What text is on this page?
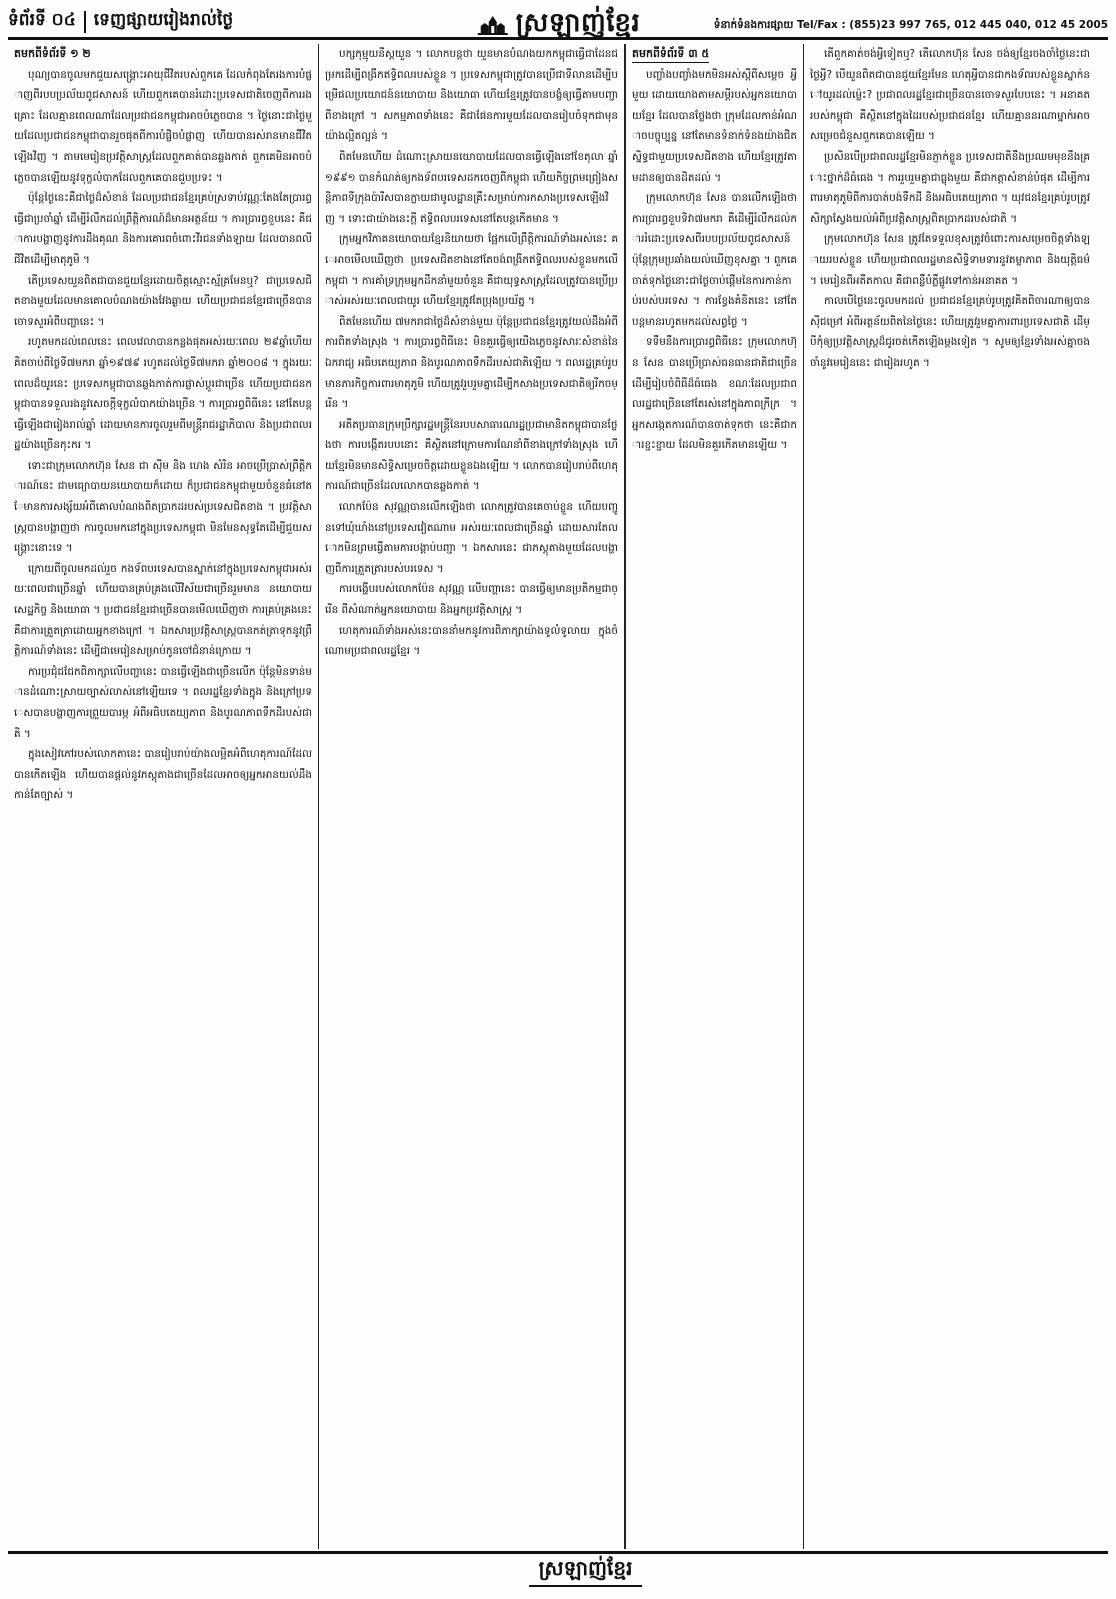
ទំព័រទី ០៤ ទេញផ្សាយរៀងរាល់ថ្ងៃ	ស្រឡាញ់ខ្មែរ	ទំនាក់ទំនងការផ្សាយ Tel/Fax : (855)23 997 765, 012 445 040, 012 45 2005
តមកពីទំព័រទី ១ ២

បុណ្យបានចូលមកជួយសង្គ្រោះអាយុជីវិតរបស់ពួកគេ ដែលកំពុងតែរងការបំផ្លាញពីរបបប្រល័យពូជសាសន៍ ហើយពួកគេបានរំដោះប្រទេសជាតិចេញពីការរងគ្រោះ ដែលគ្មានពេលណាដែលប្រជាជនកម្ពុជាអាចបំភ្លេចបាន ។ ថ្ងៃនោះជាថ្ងៃមួយដែលប្រជាជនកម្ពុជាបានរួចផុតពីការបំផ្លិចបំផ្លាញ ហើយបានរស់រានមានជីវិតឡើងវិញ ។ តាមមេរៀនប្រវត្តិសាស្ត្រដែលពួកគាត់បានឆ្លងកាត់ ពួកគេមិនអាចបំភ្លេចបានឡើយនូវទុក្ខលំបាកដែលពួកគេបានជួបប្រទះ ។

ប៉ុន្តែថ្ងៃនេះគឺជាថ្ងៃដ៏សំខាន់ ដែលប្រជាជនខ្មែរគ្រប់ស្រទាប់វណ្ណៈតែងតែប្រារព្ធធ្វើជាប្រចាំឆ្នាំ ដើម្បីរំលឹកដល់ព្រឹត្តិការណ៍ដ៏មានអត្ថន័យ ។ ការប្រារព្ធខួបនេះ គឺជាការបង្ហាញនូវការដឹងគុណ និងការគោរពចំពោះវីរជនទាំងឡាយ ដែលបានពលីជីវិតដើម្បីមាតុភូមិ ។

តើប្រទេសយួនពិតជាបានជួយខ្មែរដោយចិត្តស្មោះស្ម័គ្រមែនឬ? ជាប្រទេសជិតខាងមួយដែលមានគោលបំណងយ៉ាងវែងឆ្ងាយ ហើយប្រជាជនខ្មែរជាច្រើនបានចោទសួរអំពីបញ្ហានេះ ។

រហូតមកដល់ពេលនេះ ពេលវេលាបានកន្លងផុតអស់រយៈពេល ២៩ឆ្នាំហើយ គិតចាប់ពីថ្ងៃទី៧មករា ឆ្នាំ១៩៧៩ រហូតដល់ថ្ងៃទី៧មករា ឆ្នាំ២០០៨ ។ ក្នុងរយៈពេលដ៏យូរនេះ ប្រទេសកម្ពុជាបានឆ្លងកាត់ការផ្លាស់ប្តូរជាច្រើន ហើយប្រជាជនកម្ពុជាបានទទួលរងនូវសេចក្តីទុក្ខលំបាកយ៉ាងច្រើន ។ ការប្រារព្ធពិធីនេះ នៅតែបន្តធ្វើឡើងជារៀងរាល់ឆ្នាំ ដោយមានការចូលរួមពីមន្ត្រីរាជរដ្ឋាភិបាល និងប្រជាពលរដ្ឋយ៉ាងច្រើនកុះករ ។

ទោះជាក្រុមលោកហ៊ុន សែន ជា ស៊ីម និង ហេង សំរិន អាចប្រើប្រាស់ព្រឹត្តិការណ៍នេះ ជាមធ្យោបាយនយោបាយក៏ដោយ ក៏ប្រជាជនកម្ពុជាមួយចំនួនធំនៅតែមានការសង្ស័យអំពីគោលបំណងពិតប្រាកដរបស់ប្រទេសជិតខាង ។ ប្រវត្តិសាស្ត្របានបង្ហាញថា ការចូលមកនៅក្នុងប្រទេសកម្ពុជា មិនមែនសុទ្ធតែដើម្បីជួយសង្គ្រោះនោះទេ ។

ក្រោយពីចូលមកដល់រួច កងទ័ពបរទេសបានស្នាក់នៅក្នុងប្រទេសកម្ពុជាអស់រយៈពេលជាច្រើនឆ្នាំ ហើយបានគ្រប់គ្រងលើវិស័យជាច្រើនរួមមាន នយោបាយ សេដ្ឋកិច្ច និងយោធា ។ ប្រជាជនខ្មែរជាច្រើនបានមើលឃើញថា ការគ្រប់គ្រងនេះ គឺជាការត្រួតត្រាដោយអ្នកខាងក្រៅ ។ ឯកសារប្រវត្តិសាស្ត្របានកត់ត្រាទុកនូវព្រឹត្តិការណ៍ទាំងនេះ ដើម្បីជាមេរៀនសម្រាប់កូនចៅជំនាន់ក្រោយ ។

ការប្រជុំជជែកពិភាក្សាលើបញ្ហានេះ បានធ្វើឡើងជាច្រើនលើក ប៉ុន្តែមិនទាន់មានដំណោះស្រាយច្បាស់លាស់នៅឡើយទេ ។ ពលរដ្ឋខ្មែរទាំងក្នុង និងក្រៅប្រទេសបានបង្ហាញការព្រួយបារម្ភ អំពីអធិបតេយ្យភាព និងបូរណភាពទឹកដីរបស់ជាតិ ។

ក្នុងសៀវភៅរបស់លោកតានេះ បានរៀបរាប់យ៉ាងលម្អិតអំពីហេតុការណ៍ដែលបានកើតឡើង ហើយបានផ្តល់នូវភស្តុតាងជាច្រើនដែលអាចឲ្យអ្នកអានយល់ដឹងកាន់តែច្បាស់ ។

បក្សកុម្មុយនីស្តយួន ។ លោកបន្តថា យួនមានបំណងយកកម្ពុជាធ្វើជាដែនជម្រកដើម្បីពង្រីកឥទ្ធិពលរបស់ខ្លួន ។ ប្រទេសកម្ពុជាត្រូវបានប្រើជាទីលានដើម្បីបម្រើផលប្រយោជន៍នយោបាយ និងយោធា ហើយខ្មែរត្រូវបានបង្ខំឲ្យធ្វើតាមបញ្ជាពីខាងក្រៅ ។ សកម្មភាពទាំងនេះ គឺជាផែនការមួយដែលបានរៀបចំទុកជាមុនយ៉ាងល្អិតល្អន់ ។

ពិតមែនហើយ ដំណោះស្រាយនយោបាយដែលបានធ្វើឡើងនៅខែតុលា ឆ្នាំ១៩៩១ បានកំណត់ឲ្យកងទ័ពបរទេសដកចេញពីកម្ពុជា ហើយកិច្ចព្រមព្រៀងសន្តិភាពទីក្រុងប៉ារីសបានក្លាយជាមូលដ្ឋានគ្រឹះសម្រាប់ការកសាងប្រទេសឡើងវិញ ។ ទោះជាយ៉ាងនេះក្តី ឥទ្ធិពលបរទេសនៅតែបន្តកើតមាន ។

ក្រុមអ្នកវិភាគនយោបាយខ្មែរនិយាយថា ផ្អែកលើព្រឹត្តិការណ៍ទាំងអស់នេះ គេអាចមើលឃើញថា ប្រទេសជិតខាងនៅតែចង់ពង្រីកឥទ្ធិពលរបស់ខ្លួនមកលើកម្ពុជា ។ ការគាំទ្រក្រុមអ្នកដឹកនាំមួយចំនួន គឺជាយុទ្ធសាស្ត្រដែលត្រូវបានប្រើប្រាស់អស់រយៈពេលជាយូរ ហើយខ្មែរត្រូវតែប្រុងប្រយ័ត្ន ។

ពិតមែនហើយ ៧មករាជាថ្ងៃដ៏សំខាន់មួយ ប៉ុន្តែប្រជាជនខ្មែរត្រូវយល់ដឹងអំពីការពិតទាំងស្រុង ។ ការប្រារព្ធពិធីនេះ មិនគួរធ្វើឲ្យយើងភ្លេចនូវសារៈសំខាន់នៃឯករាជ្យ អធិបតេយ្យភាព និងបូរណភាពទឹកដីរបស់ជាតិឡើយ ។ ពលរដ្ឋគ្រប់រូបមានភារកិច្ចការពារមាតុភូមិ ហើយត្រូវរួបរួមគ្នាដើម្បីកសាងប្រទេសជាតិឲ្យរីកចម្រើន ។

អតីតប្រធានក្រុមប្រឹក្សារដ្ឋមន្ត្រីនៃរបបសាធារណរដ្ឋប្រជាមានិតកម្ពុជាបានថ្លែងថា ការបង្កើតរបបនោះ គឺស្ថិតនៅក្រោមការណែនាំពីខាងក្រៅទាំងស្រុង ហើយខ្មែរមិនមានសិទ្ធិសម្រេចចិត្តដោយខ្លួនឯងឡើយ ។ លោកបានរៀបរាប់ពីហេតុការណ៍ជាច្រើនដែលលោកបានឆ្លងកាត់ ។

លោកប៉ែន សុវណ្ណបានលើកឡើងថា លោកត្រូវបានគេចាប់ខ្លួន ហើយបញ្ជូនទៅឃុំឃាំងនៅប្រទេសវៀតណាម អស់រយៈពេលជាច្រើនឆ្នាំ ដោយសារតែលោកមិនព្រមធ្វើតាមការបង្គាប់បញ្ជា ។ ឯកសារនេះ ជាភស្តុតាងមួយដែលបង្ហាញពីការត្រួតត្រារបស់បរទេស ។

ការបង្ហើបរបស់លោកប៉ែន សុវណ្ណ លើបញ្ហានេះ បានធ្វើឲ្យមានប្រតិកម្មជាច្រើន ពីសំណាក់អ្នកនយោបាយ និងអ្នកប្រវត្តិសាស្ត្រ ។

ហេតុការណ៍ទាំងអស់នេះបាននាំមកនូវការពិភាក្សាយ៉ាងទូលំទូលាយ ក្នុងចំណោមប្រជាពលរដ្ឋខ្មែរ ។

តមកពីទំព័រទី ៣ ៥

បញ្ហាំងបញ្ចាំងមកមិនអស់ស្តីពីសម្តេច អ្វីមួយ ដោយយោងតាមសម្តីរបស់អ្នកនយោបាយខ្មែរ ដែលបានថ្លែងថា ក្រុមដែលកាន់អំណាចបច្ចុប្បន្ន នៅតែមានទំនាក់ទំនងយ៉ាងជិតស្និទ្ធជាមួយប្រទេសជិតខាង ហើយខ្មែរត្រូវតាមដានឲ្យបានដិតដល់ ។

ក្រុមលោកហ៊ុន សែន បានលើកឡើងថា ការប្រារព្ធខួបទិវា៧មករា គឺដើម្បីរំលឹកដល់ការរំដោះប្រទេសពីរបបប្រល័យពូជសាសន៍ ប៉ុន្តែក្រុមប្រឆាំងយល់ឃើញខុសគ្នា ។ ពួកគេចាត់ទុកថ្ងៃនោះជាថ្ងៃចាប់ផ្តើមនៃការកាន់កាប់របស់បរទេស ។ ការខ្វែងគំនិតនេះ នៅតែបន្តមានរហូតមកដល់សព្វថ្ងៃ ។

ទទឹមនឹងការប្រារព្ធពិធីនេះ ក្រុមលោកហ៊ុន សែន បានប្រើប្រាស់ធនធានជាតិជាច្រើន ដើម្បីរៀបចំពិធីដ៏ធំធេង ខណៈដែលប្រជាពលរដ្ឋជាច្រើននៅតែរស់នៅក្នុងភាពក្រីក្រ ។ អ្នកសង្កេតការណ៍បានចាត់ទុកថា នេះគឺជាការខ្ជះខ្ជាយ ដែលមិនគួរកើតមានឡើយ ។

តើពួកគាត់ចង់អ្វីទៀតឬ? តើលោកហ៊ុន សែន ចង់ឲ្យខ្មែរចងចាំថ្ងៃនេះជាថ្ងៃអ្វី? បើយួនពិតជាបានជួយខ្មែរមែន ហេតុអ្វីបានជាកងទ័ពរបស់ខ្លួនស្នាក់នៅយូរដល់ម្ល៉េះ? ប្រជាពលរដ្ឋខ្មែរជាច្រើនបានចោទសួរបែបនេះ ។ អនាគតរបស់កម្ពុជា គឺស្ថិតនៅក្នុងដៃរបស់ប្រជាជនខ្មែរ ហើយគ្មាននរណាម្នាក់អាចសម្រេចជំនួសពួកគេបានឡើយ ។

ប្រសិនបើប្រជាពលរដ្ឋខ្មែរមិនភ្ញាក់ខ្លួន ប្រទេសជាតិនឹងប្រឈមមុខនឹងគ្រោះថ្នាក់ដ៏ធំធេង ។ ការរួបរួមគ្នាជាធ្លុងមួយ គឺជាកត្តាសំខាន់បំផុត ដើម្បីការពារមាតុភូមិពីការបាត់បង់ទឹកដី និងអធិបតេយ្យភាព ។ យុវជនខ្មែរគ្រប់រូបត្រូវសិក្សាស្វែងយល់អំពីប្រវត្តិសាស្ត្រពិតប្រាកដរបស់ជាតិ ។

ក្រុមលោកហ៊ុន សែន ត្រូវតែទទួលខុសត្រូវចំពោះការសម្រេចចិត្តទាំងឡាយរបស់ខ្លួន ហើយប្រជាពលរដ្ឋមានសិទ្ធិទាមទារនូវតម្លាភាព និងយុត្តិធម៌ ។ មេរៀនពីអតីតកាល គឺជាពន្លឺបំភ្លឺផ្លូវទៅកាន់អនាគត ។

កាលបើថ្ងៃនេះចូលមកដល់ ប្រជាជនខ្មែរគ្រប់រូបត្រូវគិតពិចារណាឲ្យបានស៊ីជម្រៅ អំពីអត្ថន័យពិតនៃថ្ងៃនេះ ហើយត្រូវរួមគ្នាការពារប្រទេសជាតិ ដើម្បីកុំឲ្យប្រវត្តិសាស្ត្រដ៏ជូរចត់កើតឡើងម្តងទៀត ។ សូមឲ្យខ្មែរទាំងអស់គ្នាចងចាំនូវមេរៀននេះ ជារៀងរហូត ។

ស្រឡាញ់ខ្មែរ
